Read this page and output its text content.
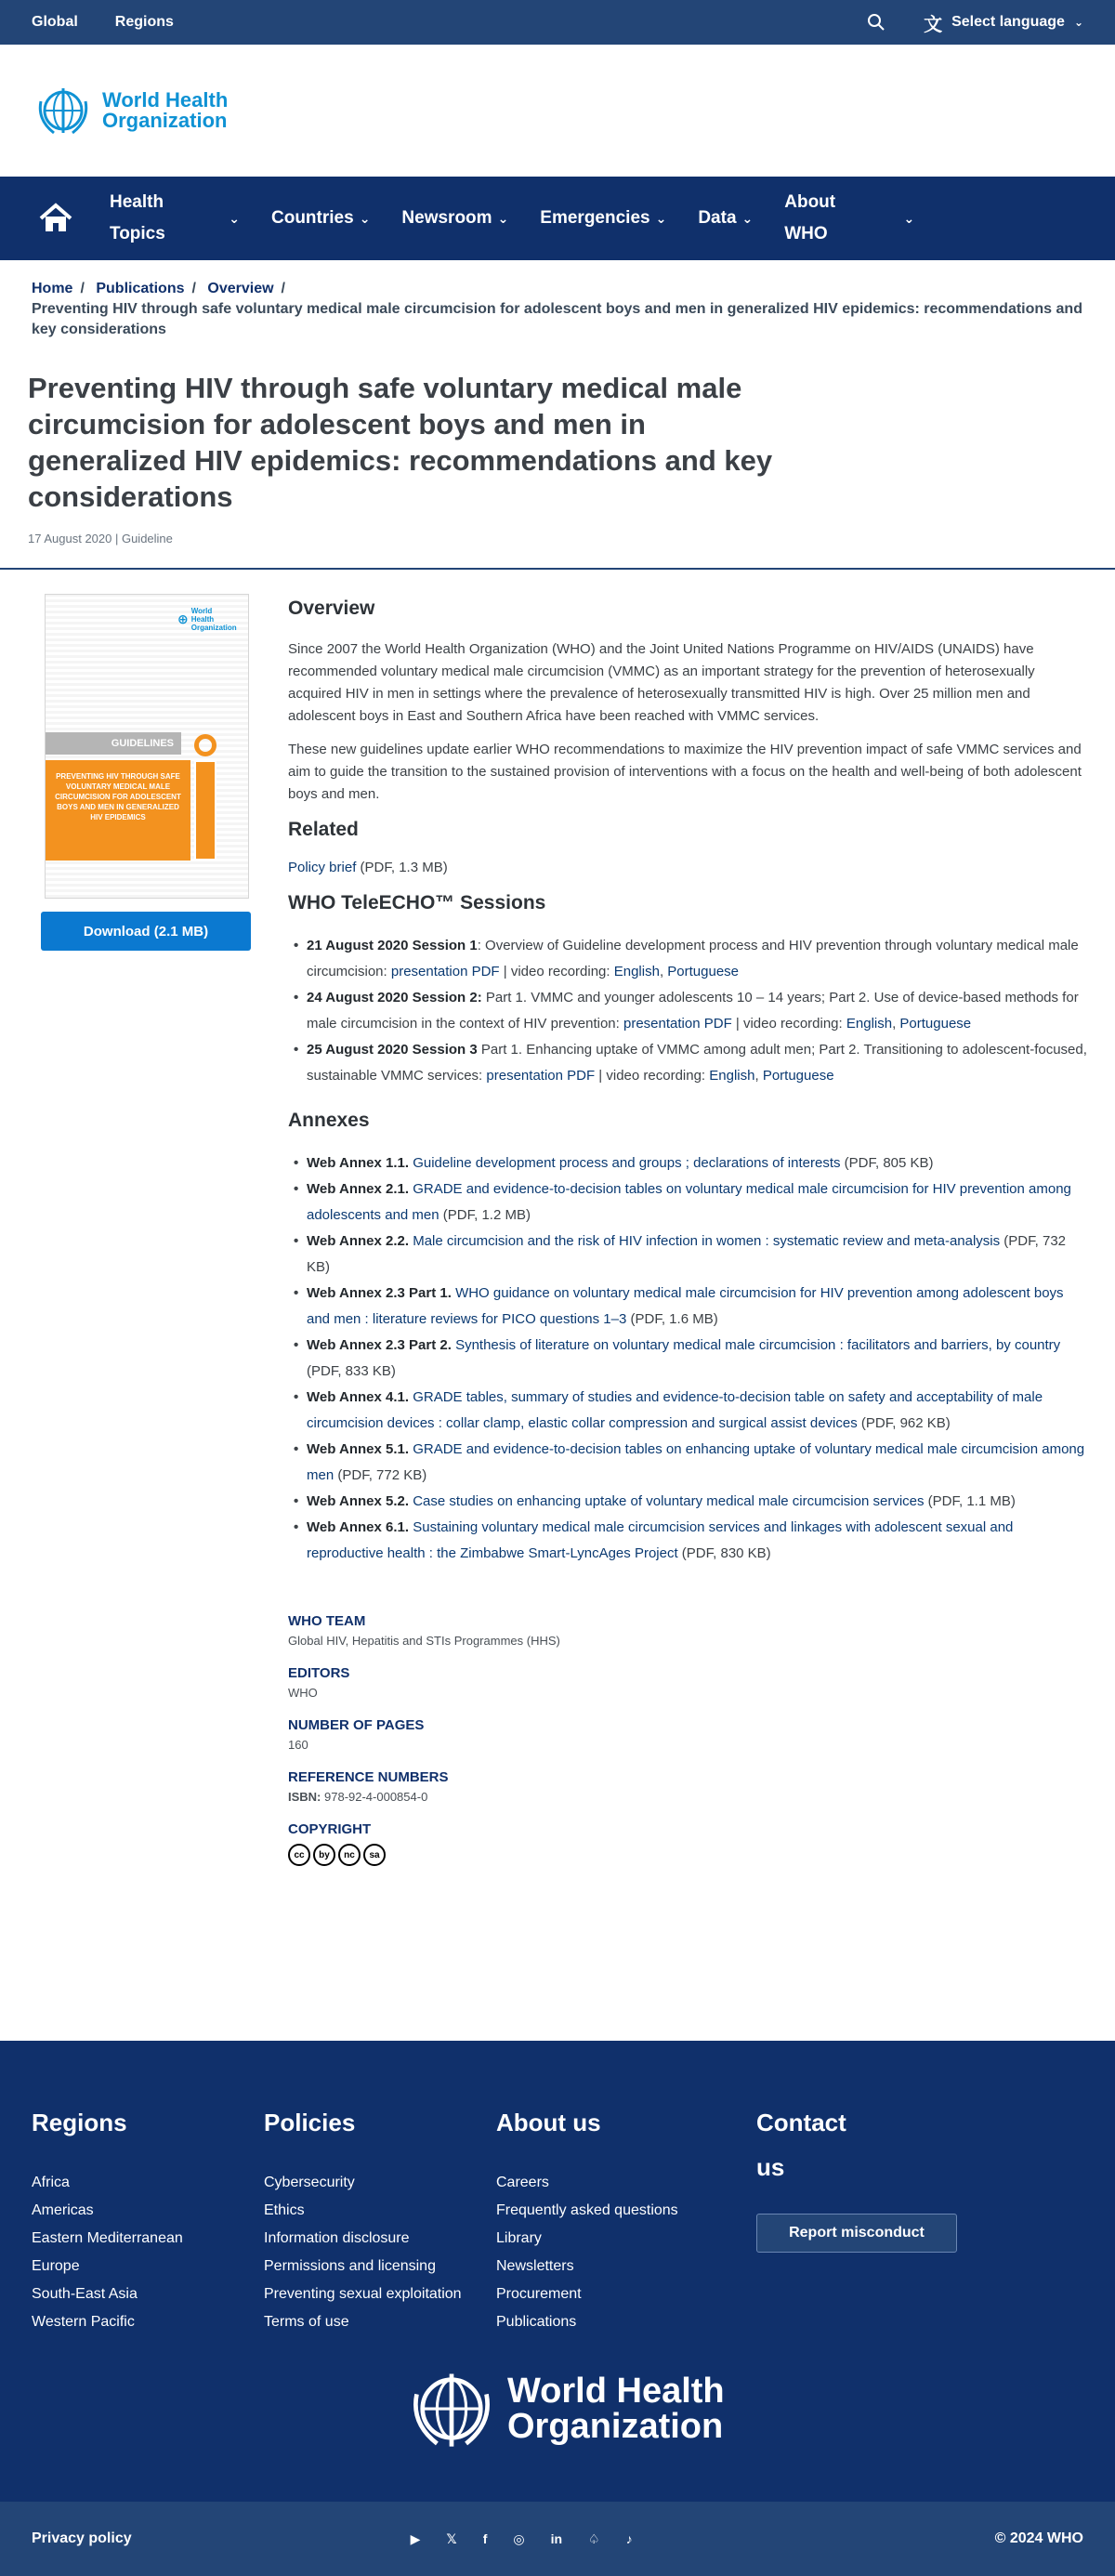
Global	Regions	文 Select language ⌄
World Health
Organization
Health Topics
⌄ Countries ⌄ Newsroom ⌄ Emergencies ⌄ Data ⌄
About WHO
⌄
Home / Publications / Overview /
Preventing HIV through safe voluntary medical male circumcision for adolescent boys and men in generalized HIV epidemics: recommendations and key considerations
Preventing HIV through safe voluntary medical male circumcision for adolescent boys and men in generalized HIV epidemics: recommendations and key considerations
17 August 2020 | Guideline
⊕
World Health Organization
GUIDELINES
PREVENTING HIV THROUGH SAFE VOLUNTARY MEDICAL MALE CIRCUMCISION FOR ADOLESCENT BOYS AND MEN IN GENERALIZED HIV EPIDEMICS
Download (2.1 MB)
Overview

Since 2007 the World Health Organization (WHO) and the Joint United Nations Programme on HIV/AIDS (UNAIDS) have recommended voluntary medical male circumcision (VMMC) as an important strategy for the prevention of heterosexually acquired HIV in men in settings where the prevalence of heterosexually transmitted HIV is high. Over 25 million men and adolescent boys in East and Southern Africa have been reached with VMMC services.

These new guidelines update earlier WHO recommendations to maximize the HIV prevention impact of safe VMMC services and aim to guide the transition to the sustained provision of interventions with a focus on the health and well-being of both adolescent boys and men.

Related
Policy brief (PDF, 1.3 MB)
WHO TeleECHO™ Sessions
• 21 August 2020 Session 1: Overview of Guideline development process and HIV prevention through voluntary medical male circumcision: presentation PDF | video recording: English, Portuguese
• 24 August 2020 Session 2: Part 1. VMMC and younger adolescents 10 – 14 years; Part 2. Use of device-based methods for male circumcision in the context of HIV prevention: presentation PDF | video recording: English, Portuguese
• 25 August 2020 Session 3 Part 1. Enhancing uptake of VMMC among adult men; Part 2. Transitioning to adolescent-focused, sustainable VMMC services: presentation PDF | video recording: English, Portuguese
Annexes
• Web Annex 1.1. Guideline development process and groups ; declarations of interests (PDF, 805 KB)
• Web Annex 2.1. GRADE and evidence-to-decision tables on voluntary medical male circumcision for HIV prevention among adolescents and men (PDF, 1.2 MB)
• Web Annex 2.2. Male circumcision and the risk of HIV infection in women : systematic review and meta-analysis (PDF, 732 KB)
• Web Annex 2.3 Part 1. WHO guidance on voluntary medical male circumcision for HIV prevention among adolescent boys and men : literature reviews for PICO questions 1–3 (PDF, 1.6 MB)
• Web Annex 2.3 Part 2. Synthesis of literature on voluntary medical male circumcision : facilitators and barriers, by country (PDF, 833 KB)
• Web Annex 4.1. GRADE tables, summary of studies and evidence-to-decision table on safety and acceptability of male circumcision devices : collar clamp, elastic collar compression and surgical assist devices (PDF, 962 KB)
• Web Annex 5.1. GRADE and evidence-to-decision tables on enhancing uptake of voluntary medical male circumcision among men (PDF, 772 KB)
• Web Annex 5.2. Case studies on enhancing uptake of voluntary medical male circumcision services (PDF, 1.1 MB)
• Web Annex 6.1. Sustaining voluntary medical male circumcision services and linkages with adolescent sexual and reproductive health : the Zimbabwe Smart-LyncAges Project (PDF, 830 KB)
WHO TEAM
Global HIV, Hepatitis and STIs Programmes (HHS)
EDITORS
WHO
NUMBER OF PAGES
160
REFERENCE NUMBERS
ISBN: 978-92-4-000854-0
COPYRIGHT
cc	by	nc	sa
Regions
Africa
Americas
Eastern Mediterranean
Europe
South-East Asia
Western Pacific
Policies
Cybersecurity
Ethics
Information disclosure
Permissions and licensing
Preventing sexual exploitation
Terms of use
About us
Careers
Frequently asked questions
Library
Newsletters
Procurement
Publications
Contact us
Report misconduct
World Health
Organization
Privacy policy	▶ 𝕏 f ◎ in ♤ ♪	© 2024 WHO
